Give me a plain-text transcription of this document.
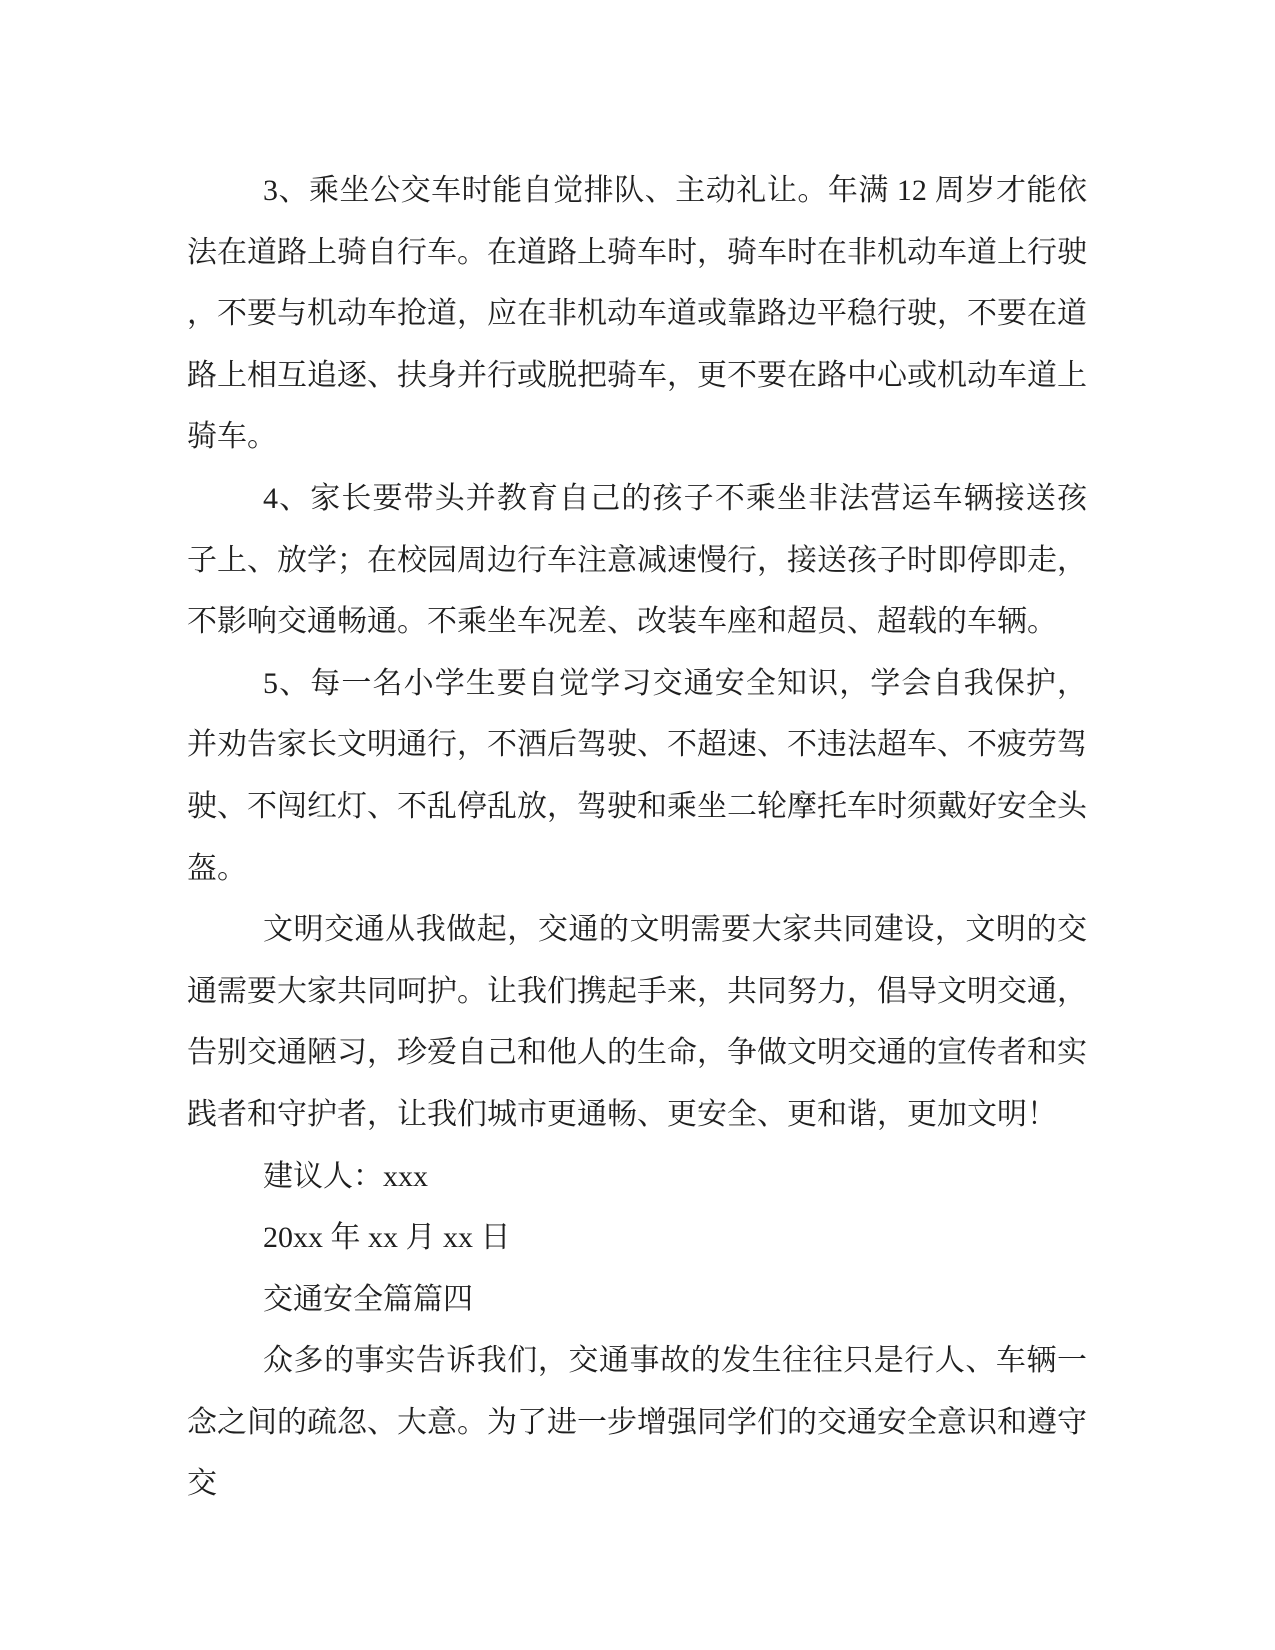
3、乘坐公交车时能自觉排队、主动礼让。年满 12 周岁才能依法在道路上骑自行车。在道路上骑车时，骑车时在非机动车道上行驶，不要与机动车抢道，应在非机动车道或靠路边平稳行驶，不要在道路上相互追逐、扶身并行或脱把骑车，更不要在路中心或机动车道上骑车。

4、家长要带头并教育自己的孩子不乘坐非法营运车辆接送孩子上、放学；在校园周边行车注意减速慢行，接送孩子时即停即走，不影响交通畅通。不乘坐车况差、改装车座和超员、超载的车辆。

5、每一名小学生要自觉学习交通安全知识，学会自我保护，并劝告家长文明通行，不酒后驾驶、不超速、不违法超车、不疲劳驾驶、不闯红灯、不乱停乱放，驾驶和乘坐二轮摩托车时须戴好安全头盔。

文明交通从我做起，交通的文明需要大家共同建设，文明的交通需要大家共同呵护。让我们携起手来，共同努力，倡导文明交通，告别交通陋习，珍爱自己和他人的生命，争做文明交通的宣传者和实践者和守护者，让我们城市更通畅、更安全、更和谐，更加文明！

建议人：xxx

20xx 年 xx 月 xx 日

交通安全篇篇四

众多的事实告诉我们，交通事故的发生往往只是行人、车辆一念之间的疏忽、大意。为了进一步增强同学们的交通安全意识和遵守交
